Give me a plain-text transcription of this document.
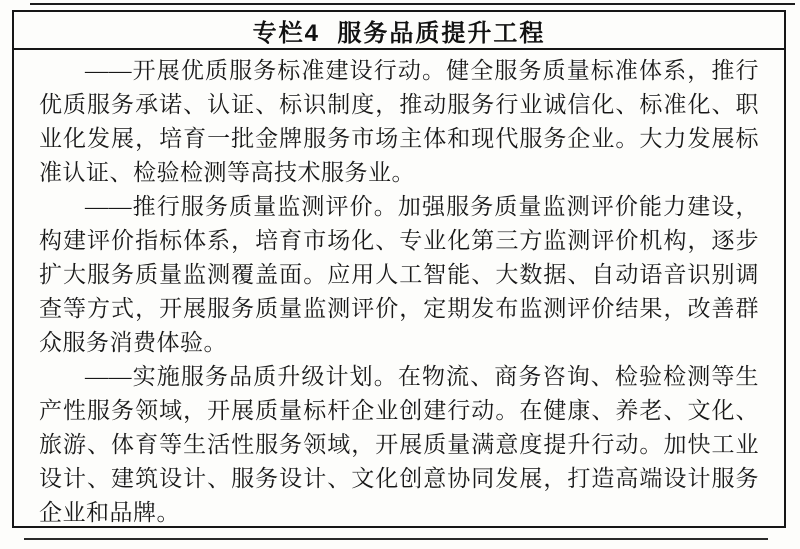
专栏4  服务品质提升工程

——开展优质服务标准建设行动。健全服务质量标准体系，推行优质服务承诺、认证、标识制度，推动服务行业诚信化、标准化、职业化发展，培育一批金牌服务市场主体和现代服务企业。大力发展标准认证、检验检测等高技术服务业。

——推行服务质量监测评价。加强服务质量监测评价能力建设，构建评价指标体系，培育市场化、专业化第三方监测评价机构，逐步扩大服务质量监测覆盖面。应用人工智能、大数据、自动语音识别调查等方式，开展服务质量监测评价，定期发布监测评价结果，改善群众服务消费体验。

——实施服务品质升级计划。在物流、商务咨询、检验检测等生产性服务领域，开展质量标杆企业创建行动。在健康、养老、文化、旅游、体育等生活性服务领域，开展质量满意度提升行动。加快工业设计、建筑设计、服务设计、文化创意协同发展，打造高端设计服务企业和品牌。
